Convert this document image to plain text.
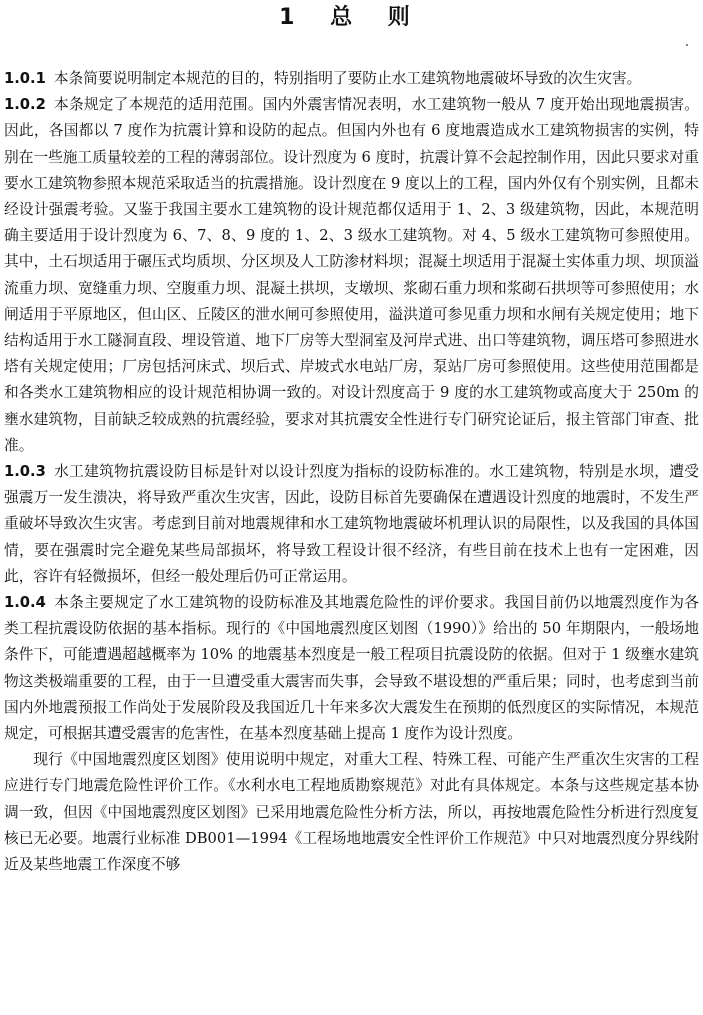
1 总 则

1.0.1 本条简要说明制定本规范的目的，特别指明了要防止水工建筑物地震破坏导致的次生灾害。

1.0.2 本条规定了本规范的适用范围。国内外震害情况表明，水工建筑物一般从 7 度开始出现地震损害。因此，各国都以 7 度作为抗震计算和设防的起点。但国内外也有 6 度地震造成水工建筑物损害的实例，特别在一些施工质量较差的工程的薄弱部位。设计烈度为 6 度时，抗震计算不会起控制作用，因此只要求对重要水工建筑物参照本规范采取适当的抗震措施。设计烈度在 9 度以上的工程，国内外仅有个别实例，且都未经设计强震考验。又鉴于我国主要水工建筑物的设计规范都仅适用于 1、2、3 级建筑物，因此，本规范明确主要适用于设计烈度为 6、7、8、9 度的 1、2、3 级水工建筑物。对 4、5 级水工建筑物可参照使用。其中，土石坝适用于碾压式均质坝、分区坝及人工防渗材料坝；混凝土坝适用于混凝土实体重力坝、坝顶溢流重力坝、宽缝重力坝、空腹重力坝、混凝土拱坝，支墩坝、浆砌石重力坝和浆砌石拱坝等可参照使用；水闸适用于平原地区，但山区、丘陵区的泄水闸可参照使用，溢洪道可参见重力坝和水闸有关规定使用；地下结构适用于水工隧洞直段、埋设管道、地下厂房等大型洞室及河岸式进、出口等建筑物，调压塔可参照进水塔有关规定使用；厂房包括河床式、坝后式、岸坡式水电站厂房，泵站厂房可参照使用。这些使用范围都是和各类水工建筑物相应的设计规范相协调一致的。对设计烈度高于 9 度的水工建筑物或高度大于 250m 的壅水建筑物，目前缺乏较成熟的抗震经验，要求对其抗震安全性进行专门研究论证后，报主管部门审查、批准。

1.0.3 水工建筑物抗震设防目标是针对以设计烈度为指标的设防标准的。水工建筑物，特别是水坝，遭受强震万一发生溃决，将导致严重次生灾害，因此，设防目标首先要确保在遭遇设计烈度的地震时，不发生严重破坏导致次生灾害。考虑到目前对地震规律和水工建筑物地震破坏机理认识的局限性，以及我国的具体国情，要在强震时完全避免某些局部损坏，将导致工程设计很不经济，有些目前在技术上也有一定困难，因此，容许有轻微损坏，但经一般处理后仍可正常运用。

1.0.4 本条主要规定了水工建筑物的设防标准及其地震危险性的评价要求。我国目前仍以地震烈度作为各类工程抗震设防依据的基本指标。现行的《中国地震烈度区划图（1990）》给出的 50 年期限内，一般场地条件下，可能遭遇超越概率为 10% 的地震基本烈度是一般工程项目抗震设防的依据。但对于 1 级壅水建筑物这类极端重要的工程，由于一旦遭受重大震害而失事，会导致不堪设想的严重后果；同时，也考虑到当前国内外地震预报工作尚处于发展阶段及我国近几十年来多次大震发生在预期的低烈度区的实际情况，本规范规定，可根据其遭受震害的危害性，在基本烈度基础上提高 1 度作为设计烈度。

现行《中国地震烈度区划图》使用说明中规定，对重大工程、特殊工程、可能产生严重次生灾害的工程应进行专门地震危险性评价工作。《水利水电工程地质勘察规范》对此有具体规定。本条与这些规定基本协调一致，但因《中国地震烈度区划图》已采用地震危险性分析方法，所以，再按地震危险性分析进行烈度复核已无必要。地震行业标准 DB001—1994《工程场地地震安全性评价工作规范》中只对地震烈度分界线附近及某些地震工作深度不够
